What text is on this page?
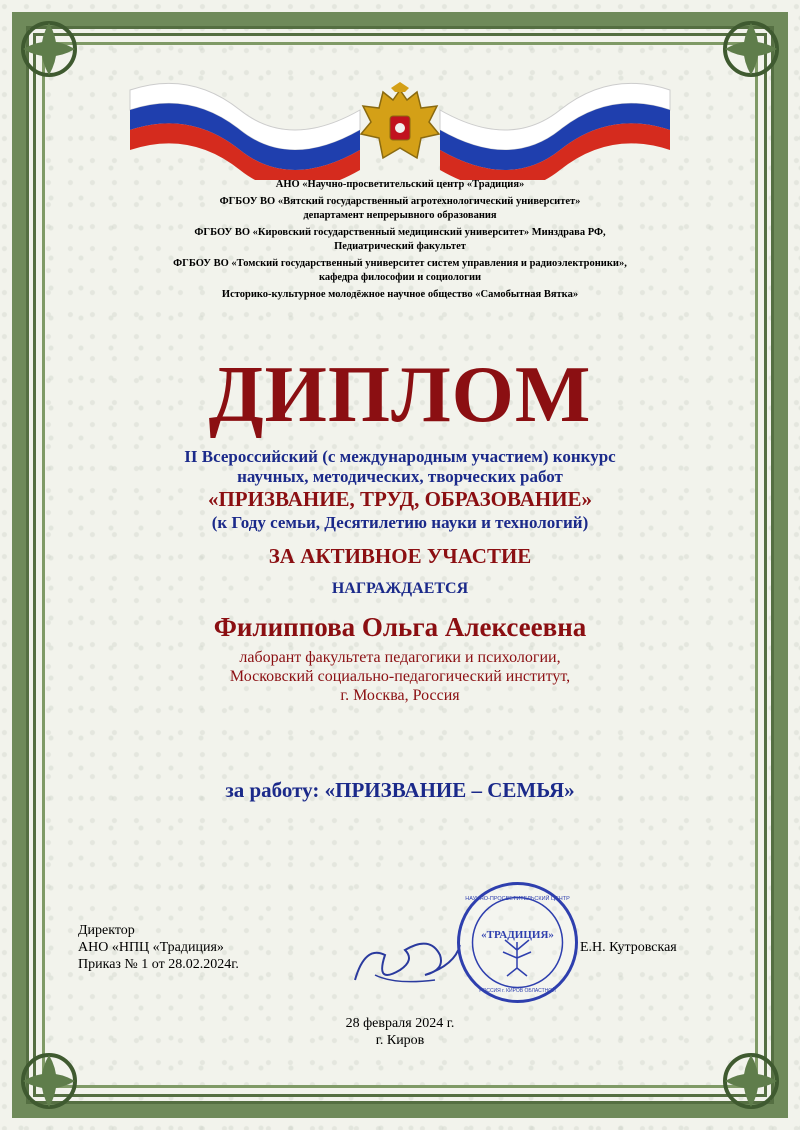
АНО «Научно-просветительский центр «Традиция»
ФГБОУ ВО «Вятский государственный агротехнологический университет»
департамент непрерывного образования
ФГБОУ ВО «Кировский государственный медицинский университет» Минздрава РФ,
Педиатрический факультет
ФГБОУ ВО «Томский государственный университет систем управления и радиоэлектроники»,
кафедра философии и социологии
Историко-культурное молодёжное научное общество «Самобытная Вятка»
ДИПЛОМ
II Всероссийский (с международным участием) конкурс
научных, методических, творческих работ
«ПРИЗВАНИЕ, ТРУД, ОБРАЗОВАНИЕ»
(к Году семьи, Десятилетию науки и технологий)
ЗА АКТИВНОЕ УЧАСТИЕ
НАГРАЖДАЕТСЯ
Филиппова Ольга Алексеевна
лаборант факультета педагогики и психологии,
Московский социально-педагогический институт,
г. Москва, Россия
за работу: «ПРИЗВАНИЕ – СЕМЬЯ»
Директор
АНО «НПЦ «Традиция»
Приказ № 1 от 28.02.2024г.
Е.Н. Кутровская
«ТРАДИЦИЯ»
НАУЧНО-ПРОСВЕТИТЕЛЬСКИЙ ЦЕНТР
РОССИЯ г. КИРОВ ОБЛАСТНОЙ
28 февраля 2024 г.
г. Киров
